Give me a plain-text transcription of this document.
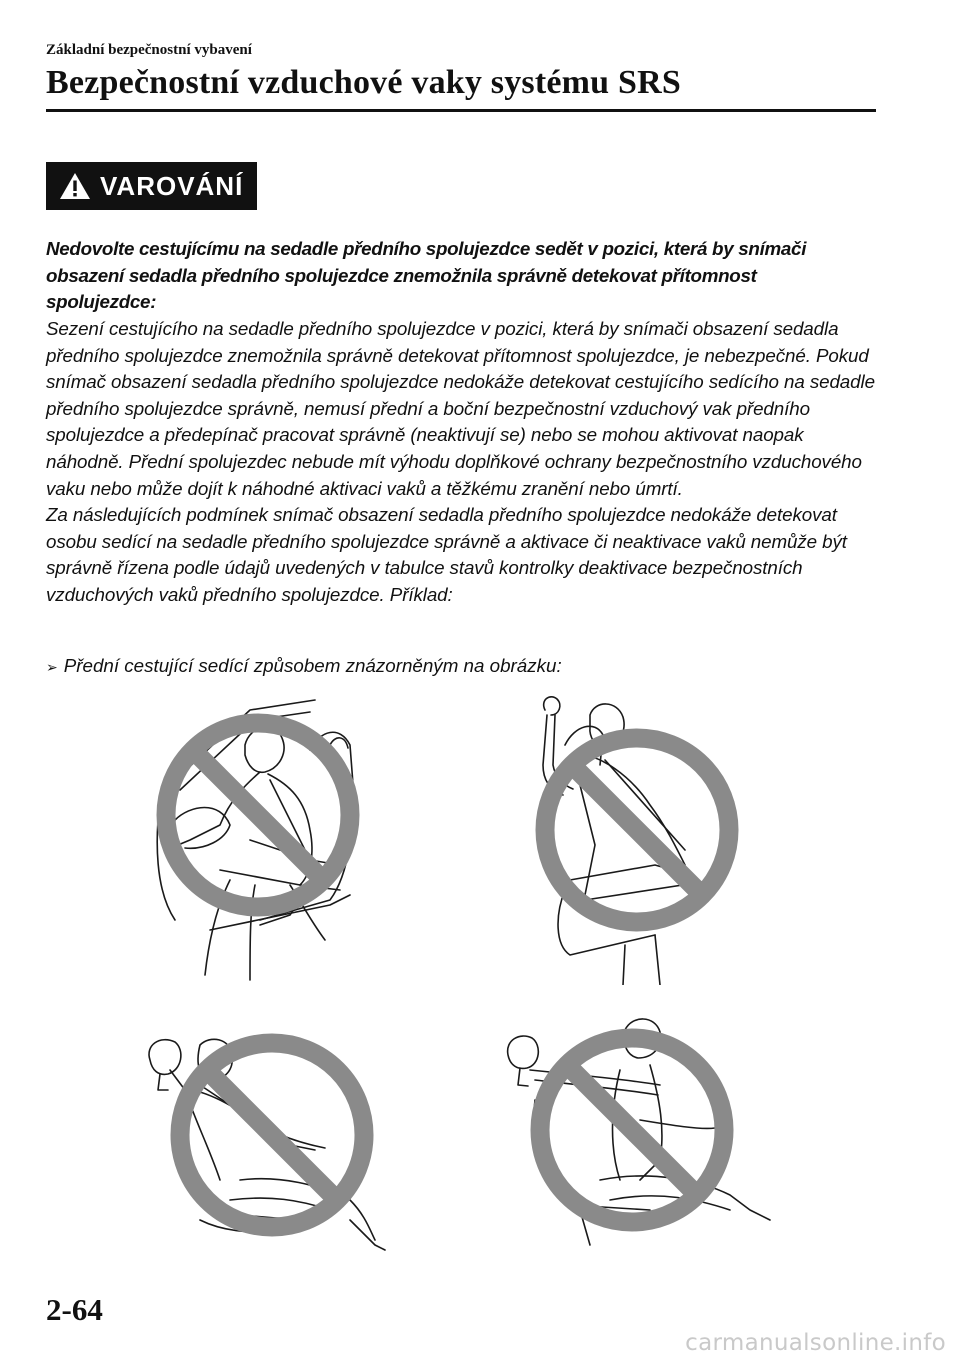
Základní bezpečnostní vybavení
Bezpečnostní vzduchové vaky systému SRS
VAROVÁNÍ
Nedovolte cestujícímu na sedadle předního spolujezdce sedět v pozici, která by snímači obsazení sedadla předního spolujezdce znemožnila správně detekovat přítomnost spolujezdce:

Sezení cestujícího na sedadle předního spolujezdce v pozici, která by snímači obsazení sedadla předního spolujezdce znemožnila správně detekovat přítomnost spolujezdce, je nebezpečné. Pokud snímač obsazení sedadla předního spolujezdce nedokáže detekovat cestujícího sedícího na sedadle předního spolujezdce správně, nemusí přední a boční bezpečnostní vzduchový vak předního spolujezdce a předepínač pracovat správně (neaktivují se) nebo se mohou aktivovat naopak náhodně. Přední spolujezdec nebude mít výhodu doplňkové ochrany bezpečnostního vzduchového vaku nebo může dojít k náhodné aktivaci vaků a těžkému zranění nebo úmrtí.

Za následujících podmínek snímač obsazení sedadla předního spolujezdce nedokáže detekovat osobu sedící na sedadle předního spolujezdce správně a aktivace či neaktivace vaků nemůže být správně řízena podle údajů uvedených v tabulce stavů kontrolky deaktivace bezpečnostních vzduchových vaků předního spolujezdce. Příklad:

➢ Přední cestující sedící způsobem znázorněným na obrázku:
2-64
carmanualsonline.info
